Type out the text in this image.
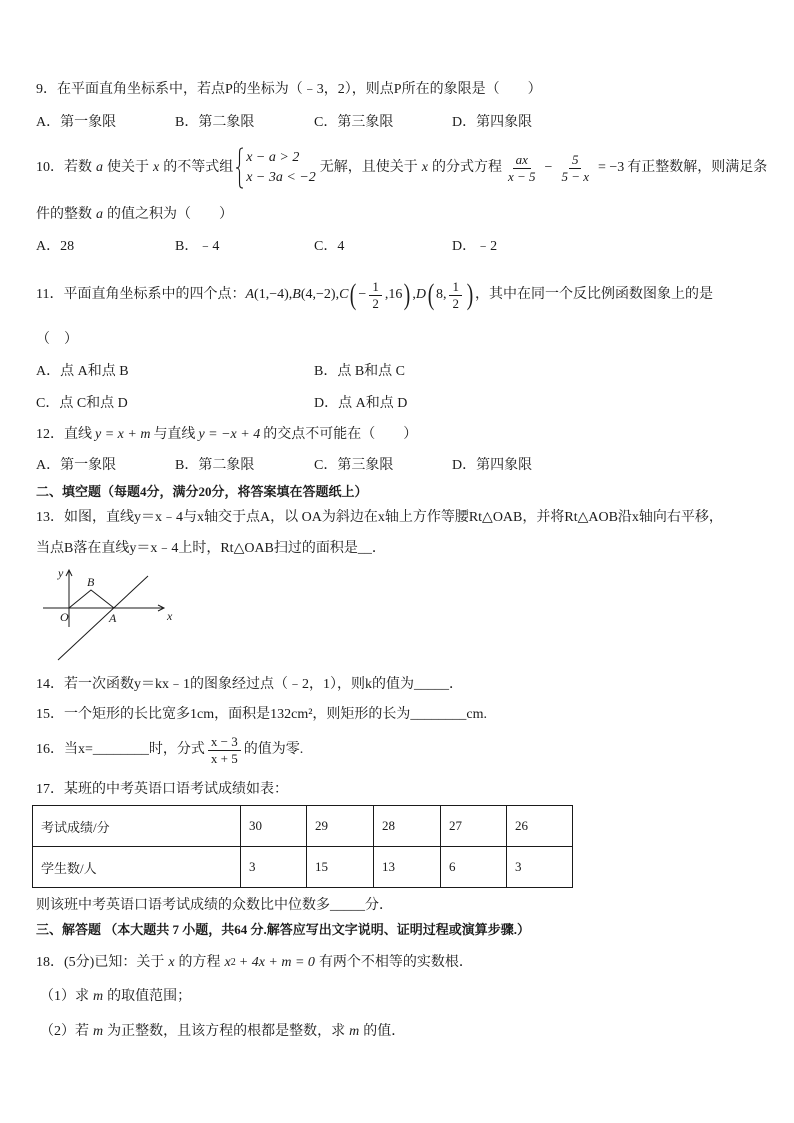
9．在平面直角坐标系中，若点P的坐标为（﹣3，2），则点P所在的象限是（　　）
A．第一象限	B．第二象限	C．第三象限	D．第四象限
10．若数 a 使关于 x 的不等式组
x − a > 2
x − 3a < −2
无解，且使关于 x 的分式方程 $\frac{ax}{x - 5} - \frac{5}{5 - x} = -3$ 有正整数解，则满足条
件的整数 a 的值之积为（　　）
A．28	B．﹣4	C．4	D．﹣2
11．平面直角坐标系中的四个点： A (1,−4), B (4,−2), C ( − $\frac{1}{2} ,16$ ) , D ( 8, $\frac{1}{2}$ ) ，其中在同一个反比例函数图象上的是
（　）
A．点 A和点 B	B．点 B和点 C
C．点 C和点 D	D．点 A和点 D
12．直线 y = x + m 与直线 y = −x + 4 的交点不可能在（　　）
A．第一象限	B．第二象限	C．第三象限	D．第四象限
二、填空题（每题4分，满分20分，将答案填在答题纸上）
13．如图，直线y＝x﹣4与x轴交于点A，以 OA为斜边在x轴上方作等腰Rt△OAB，并将Rt△AOB沿x轴向右平移，
当点B落在直线y＝x﹣4上时，Rt△OAB扫过的面积是__．
y
x
B
O	A
14．若一次函数y＝kx﹣1的图象经过点（﹣2，1），则k的值为_____．
15．一个矩形的长比宽多1cm，面积是132cm²，则矩形的长为________cm.
16．当x=________时，分式 $\frac{x - 3}{x + 5}$ 的值为零.
17．某班的中考英语口语考试成绩如表：
考试成绩/分	30	29	28	27	26
学生数/人	3	15	13	6	3
则该班中考英语口语考试成绩的众数比中位数多_____分．
三、解答题 （本大题共 7 小题，共64 分.解答应写出文字说明、证明过程或演算步骤.）
18．(5分)已知：关于 x 的方程 x 2 + 4x + m = 0 有两个不相等的实数根．
（1）求 m 的取值范围；
（2）若 m 为正整数，且该方程的根都是整数，求 m 的值．
